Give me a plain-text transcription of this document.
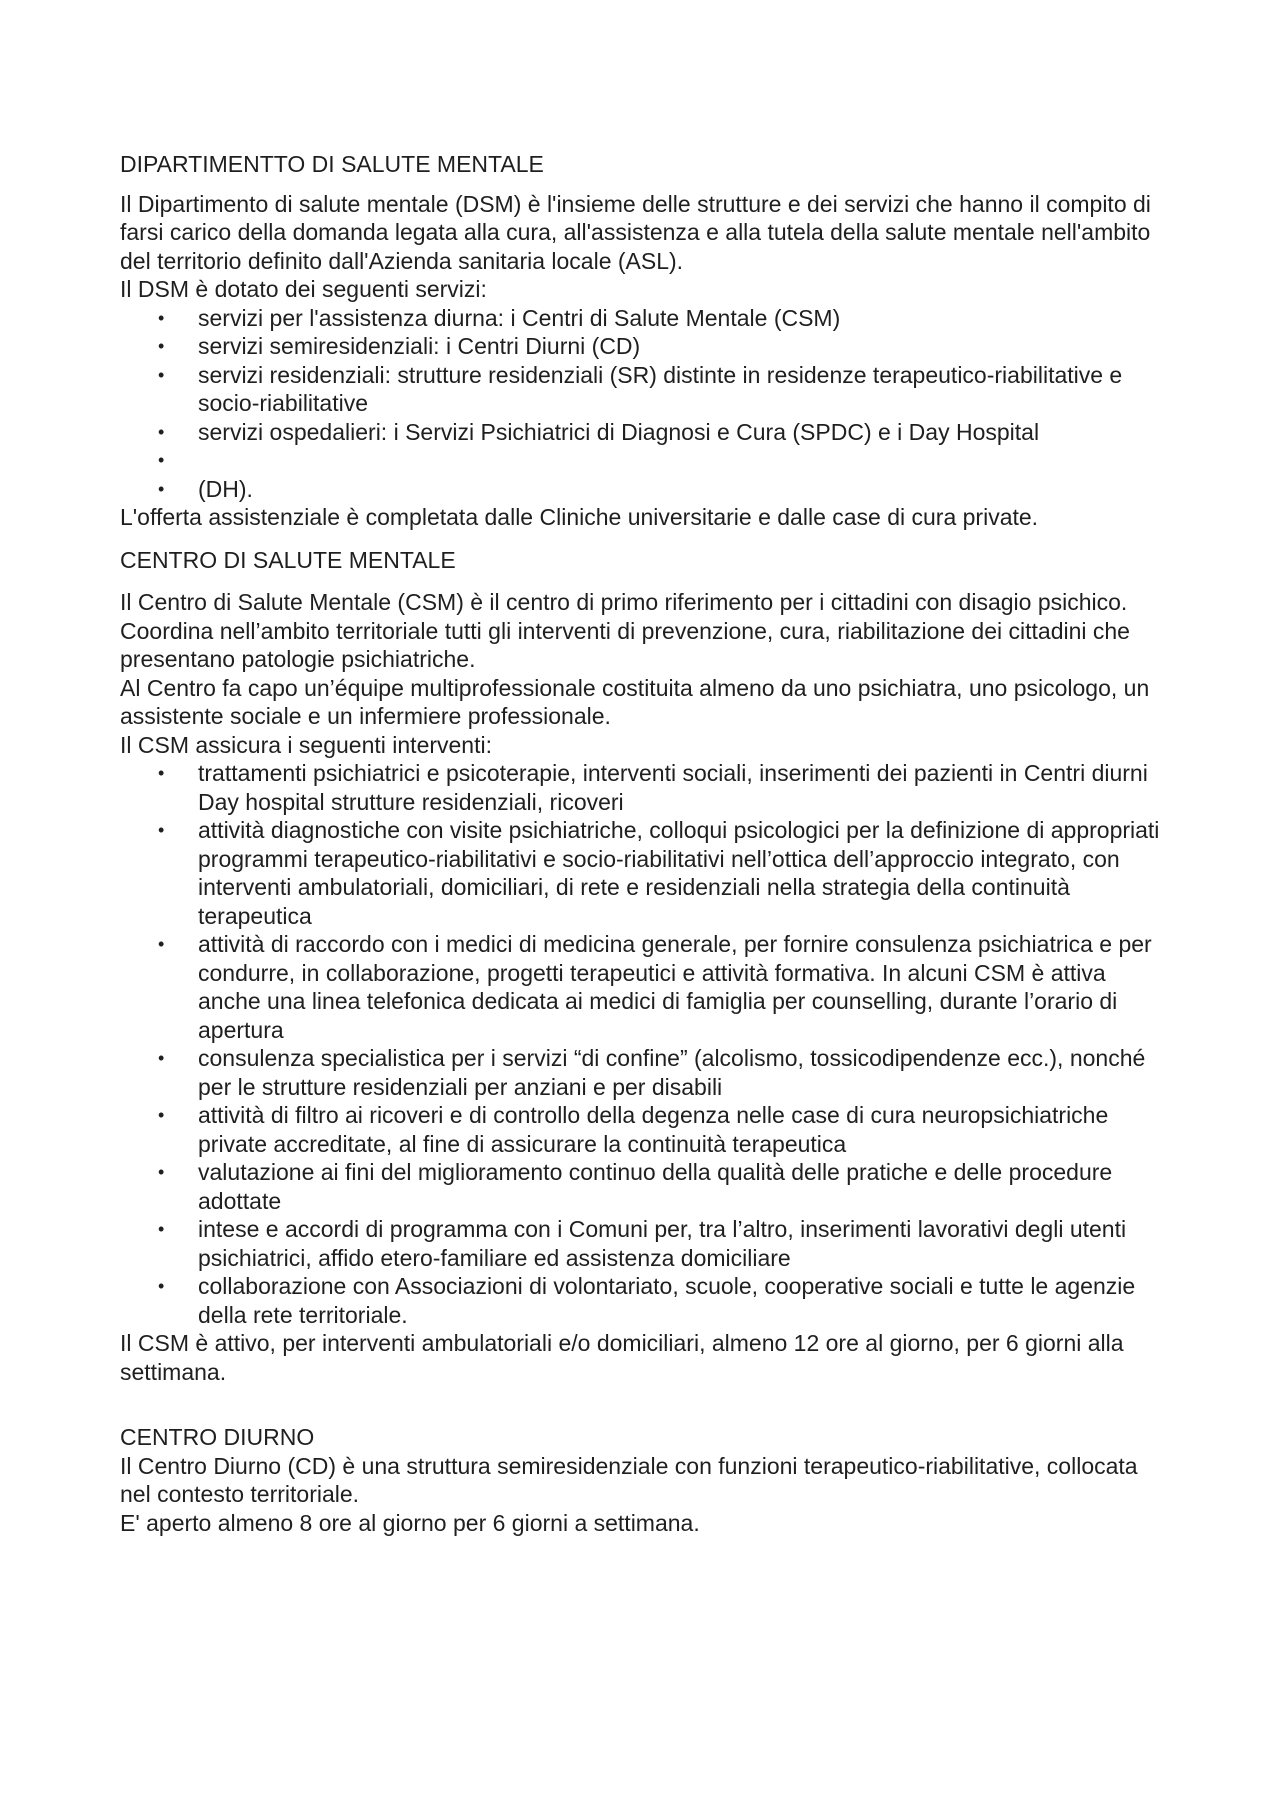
DIPARTIMENTTO DI SALUTE MENTALE

Il Dipartimento di salute mentale (DSM) è l'insieme delle strutture e dei servizi che hanno il compito di farsi carico della domanda legata alla cura, all'assistenza e alla tutela della salute mentale nell'ambito del territorio definito dall'Azienda sanitaria locale (ASL).

Il DSM è dotato dei seguenti servizi:

• servizi per l'assistenza diurna: i Centri di Salute Mentale (CSM)
• servizi semiresidenziali: i Centri Diurni (CD)
• servizi residenziali: strutture residenziali (SR) distinte in residenze terapeutico-riabilitative e socio-riabilitative
• servizi ospedalieri: i Servizi Psichiatrici di Diagnosi e Cura (SPDC) e i Day Hospital
•
• (DH).

L'offerta assistenziale è completata dalle Cliniche universitarie e dalle case di cura private.

CENTRO DI SALUTE MENTALE

Il Centro di Salute Mentale (CSM) è il centro di primo riferimento per i cittadini con disagio psichico. Coordina nell’ambito territoriale tutti gli interventi di prevenzione, cura, riabilitazione dei cittadini che presentano patologie psichiatriche.

Al Centro fa capo un’équipe multiprofessionale costituita almeno da uno psichiatra, uno psicologo, un assistente sociale e un infermiere professionale.

Il CSM assicura i seguenti interventi:

• trattamenti psichiatrici e psicoterapie, interventi sociali, inserimenti dei pazienti in Centri diurni Day hospital strutture residenziali, ricoveri
• attività diagnostiche con visite psichiatriche, colloqui psicologici per la definizione di appropriati programmi terapeutico-riabilitativi e socio-riabilitativi nell’ottica dell’approccio integrato, con interventi ambulatoriali, domiciliari, di rete e residenziali nella strategia della continuità terapeutica
• attività di raccordo con i medici di medicina generale, per fornire consulenza psichiatrica e per condurre, in collaborazione, progetti terapeutici e attività formativa. In alcuni CSM è attiva anche una linea telefonica dedicata ai medici di famiglia per counselling, durante l’orario di apertura
• consulenza specialistica per i servizi “di confine” (alcolismo, tossicodipendenze ecc.), nonché per le strutture residenziali per anziani e per disabili
• attività di filtro ai ricoveri e di controllo della degenza nelle case di cura neuropsichiatriche private accreditate, al fine di assicurare la continuità terapeutica
• valutazione ai fini del miglioramento continuo della qualità delle pratiche e delle procedure adottate
• intese e accordi di programma con i Comuni per, tra l’altro, inserimenti lavorativi degli utenti psichiatrici, affido etero-familiare ed assistenza domiciliare
• collaborazione con Associazioni di volontariato, scuole, cooperative sociali e tutte le agenzie della rete territoriale.

Il CSM è attivo, per interventi ambulatoriali e/o domiciliari, almeno 12 ore al giorno, per 6 giorni alla settimana.

CENTRO DIURNO

Il Centro Diurno (CD) è una struttura semiresidenziale con funzioni terapeutico-riabilitative, collocata nel contesto territoriale.

E' aperto almeno 8 ore al giorno per 6 giorni a settimana.
